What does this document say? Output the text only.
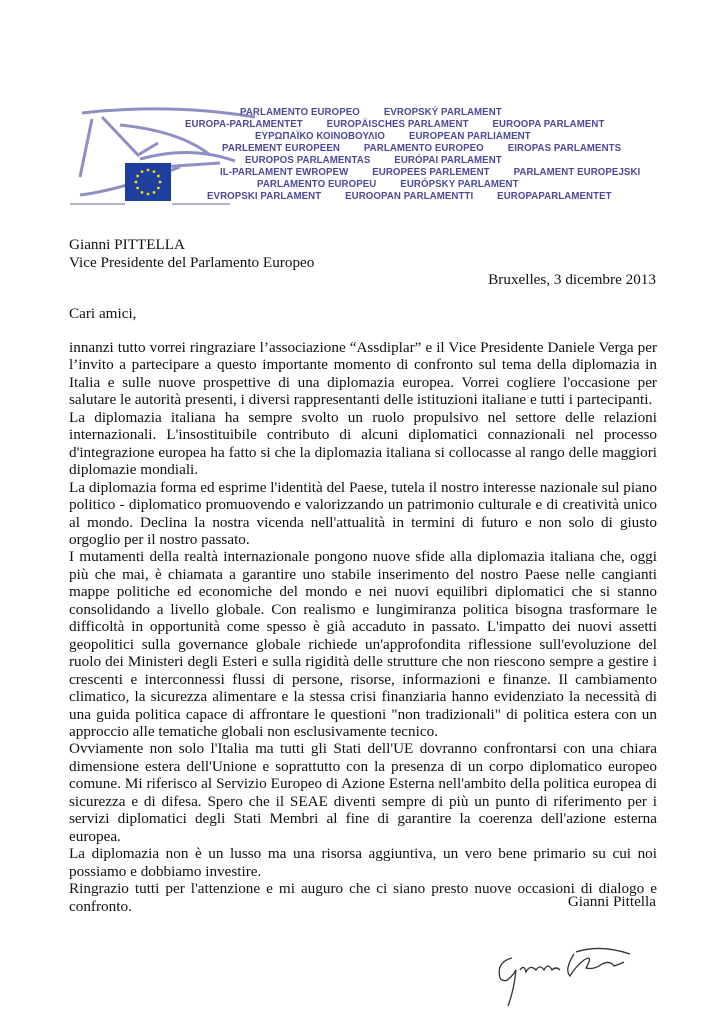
PARLAMENTO EUROPEO EVROPSKÝ PARLAMENT
EUROPA-PARLAMENTET EUROPÄISCHES PARLAMENT EUROOPA PARLAMENT
ΕΥΡΩΠΑΪΚΟ ΚΟΙΝΟΒΟΥΛΙΟ EUROPEAN PARLIAMENT
PARLEMENT EUROPEEN PARLAMENTO EUROPEO EIROPAS PARLAMENTS
EUROPOS PARLAMENTAS EURÓPAI PARLAMENT
IL-PARLAMENT EWROPEW EUROPEES PARLEMENT PARLAMENT EUROPEJSKI
PARLAMENTO EUROPEU EURÓPSKY PARLAMENT
EVROPSKI PARLAMENT EUROOPAN PARLAMENTTI EUROPAPARLAMENTET
Gianni PITTELLA
Vice Presidente del Parlamento Europeo
Bruxelles, 3 dicembre 2013
Cari amici,

innanzi tutto vorrei ringraziare l’associazione “Assdiplar” e il Vice Presidente Daniele Verga per l’invito a partecipare a questo importante momento di confronto sul tema della diplomazia in Italia e sulle nuove prospettive di una diplomazia europea. Vorrei cogliere l'occasione per salutare le autorità presenti, i diversi rappresentanti delle istituzioni italiane e tutti i partecipanti.

La diplomazia italiana ha sempre svolto un ruolo propulsivo nel settore delle relazioni internazionali. L'insostituibile contributo di alcuni diplomatici connazionali nel processo d'integrazione europea ha fatto si che la diplomazia italiana si collocasse al rango delle maggiori diplomazie mondiali.

La diplomazia forma ed esprime l'identità del Paese, tutela il nostro interesse nazionale sul piano politico - diplomatico promuovendo e valorizzando un patrimonio culturale e di creatività unico al mondo. Declina la nostra vicenda nell'attualità in termini di futuro e non solo di giusto orgoglio per il nostro passato.

I mutamenti della realtà internazionale pongono nuove sfide alla diplomazia italiana che, oggi più che mai, è chiamata a garantire uno stabile inserimento del nostro Paese nelle cangianti mappe politiche ed economiche del mondo e nei nuovi equilibri diplomatici che si stanno consolidando a livello globale. Con realismo e lungimiranza politica bisogna trasformare le difficoltà in opportunità come spesso è già accaduto in passato. L'impatto dei nuovi assetti geopolitici sulla governance globale richiede un'approfondita riflessione sull'evoluzione del ruolo dei Ministeri degli Esteri e sulla rigidità delle strutture che non riescono sempre a gestire i crescenti e interconnessi flussi di persone, risorse, informazioni e finanze. Il cambiamento climatico, la sicurezza alimentare e la stessa crisi finanziaria hanno evidenziato la necessità di una guida politica capace di affrontare le questioni "non tradizionali" di politica estera con un approccio alle tematiche globali non esclusivamente tecnico.

Ovviamente non solo l'Italia ma tutti gli Stati dell'UE dovranno confrontarsi con una chiara dimensione estera dell'Unione e soprattutto con la presenza di un corpo diplomatico europeo comune. Mi riferisco al Servizio Europeo di Azione Esterna nell'ambito della politica europea di sicurezza e di difesa. Spero che il SEAE diventi sempre di più un punto di riferimento per i servizi diplomatici degli Stati Membri al fine di garantire la coerenza dell'azione esterna europea.

La diplomazia non è un lusso ma una risorsa aggiuntiva, un vero bene primario su cui noi possiamo e dobbiamo investire.

Ringrazio tutti per l'attenzione e mi auguro che ci siano presto nuove occasioni di dialogo e confronto.	Gianni Pittella
